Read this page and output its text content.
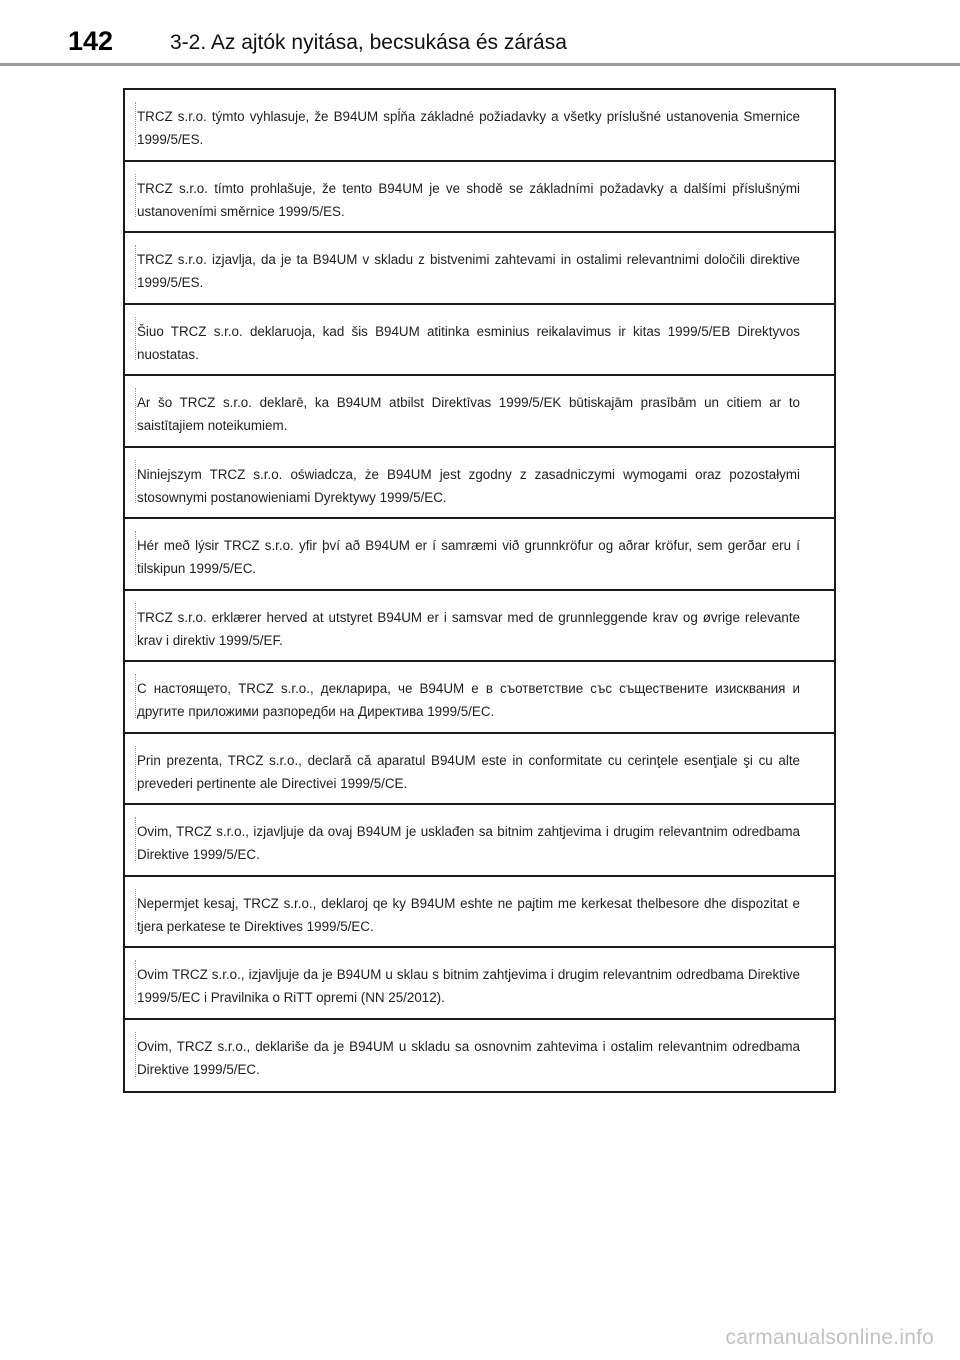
142	3-2. Az ajtók nyitása, becsukása és zárása
TRCZ s.r.o. týmto vyhlasuje, že B94UM spĺňa základné požiadavky a všetky príslušné ustanovenia Smernice 1999/5/ES.
TRCZ s.r.o. tímto prohlašuje, že tento B94UM je ve shodě se základními požadavky a dalšími příslušnými ustanoveními směrnice 1999/5/ES.
TRCZ s.r.o. izjavlja, da je ta B94UM v skladu z bistvenimi zahtevami in ostalimi relevantnimi določili direktive 1999/5/ES.
Šiuo TRCZ s.r.o. deklaruoja, kad šis B94UM atitinka esminius reikalavimus ir kitas 1999/5/EB Direktyvos nuostatas.
Ar šo TRCZ s.r.o. deklarē, ka B94UM atbilst Direktīvas 1999/5/EK būtiskajām prasībām un citiem ar to saistītajiem noteikumiem.
Niniejszym TRCZ s.r.o. oświadcza, że B94UM jest zgodny z zasadniczymi wymogami oraz pozostałymi stosownymi postanowieniami Dyrektywy 1999/5/EC.
Hér með lýsir TRCZ s.r.o. yfir því að B94UM er í samræmi við grunnkröfur og aðrar kröfur, sem gerðar eru í tilskipun 1999/5/EC.
TRCZ s.r.o. erklærer herved at utstyret B94UM er i samsvar med de grunnleggende krav og øvrige relevante krav i direktiv 1999/5/EF.
С настоящето, TRCZ s.r.o., декларира, че B94UM е в съответствие със съществените изисквания и другите приложими разпоредби на Директива 1999/5/ЕС.
Prin prezenta, TRCZ s.r.o., declară că aparatul B94UM este in conformitate cu cerinţele esenţiale şi cu alte prevederi pertinente ale Directivei 1999/5/CE.
Ovim, TRCZ s.r.o., izjavljuje da ovaj B94UM je usklađen sa bitnim zahtjevima i drugim relevantnim odredbama Direktive 1999/5/EC.
Nepermjet kesaj, TRCZ s.r.o., deklaroj qe ky B94UM eshte ne pajtim me kerkesat thelbesore dhe dispozitat e tjera perkatese te Direktives 1999/5/EC.
Ovim TRCZ s.r.o., izjavljuje da je B94UM u sklau s bitnim zahtjevima i drugim relevantnim odredbama Direktive 1999/5/EC i Pravilnika o RiTT opremi (NN 25/2012).
Ovim, TRCZ s.r.o., deklariše da je B94UM u skladu sa osnovnim zahtevima i ostalim relevantnim odredbama Direktive 1999/5/EC.
carmanualsonline.info
